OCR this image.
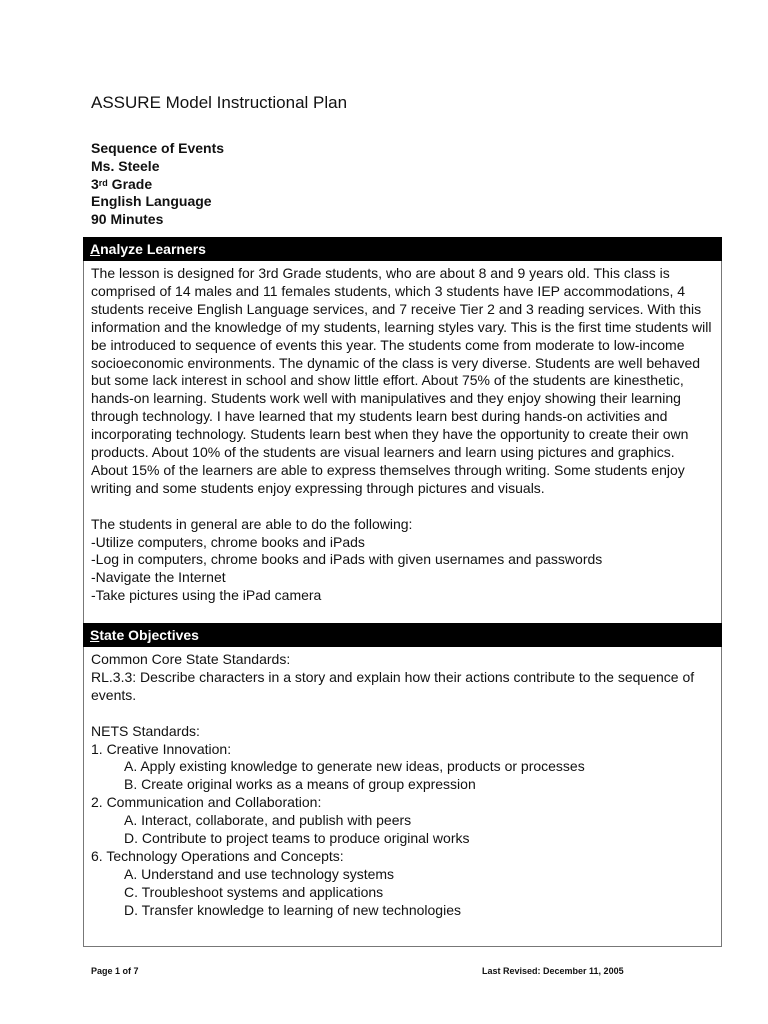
ASSURE Model Instructional Plan
Sequence of Events
Ms. Steele
3rd Grade
English Language
90 Minutes
Analyze Learners

The lesson is designed for 3rd Grade students, who are about 8 and 9 years old. This class is comprised of 14 males and 11 females students, which 3 students have IEP accommodations, 4 students receive English Language services, and 7 receive Tier 2 and 3 reading services. With this information and the knowledge of my students, learning styles vary. This is the first time students will be introduced to sequence of events this year. The students come from moderate to low-income socioeconomic environments. The dynamic of the class is very diverse. Students are well behaved but some lack interest in school and show little effort. About 75% of the students are kinesthetic, hands-on learning. Students work well with manipulatives and they enjoy showing their learning through technology. I have learned that my students learn best during hands-on activities and incorporating technology. Students learn best when they have the opportunity to create their own products. About 10% of the students are visual learners and learn using pictures and graphics. About 15% of the learners are able to express themselves through writing. Some students enjoy writing and some students enjoy expressing through pictures and visuals.

The students in general are able to do the following:

-Utilize computers, chrome books and iPads

-Log in computers, chrome books and iPads with given usernames and passwords

-Navigate the Internet

-Take pictures using the iPad camera

State Objectives

Common Core State Standards:

RL.3.3: Describe characters in a story and explain how their actions contribute to the sequence of events.

NETS Standards:

1. Creative Innovation:

A. Apply existing knowledge to generate new ideas, products or processes

B. Create original works as a means of group expression

2. Communication and Collaboration:

A. Interact, collaborate, and publish with peers

D. Contribute to project teams to produce original works

6. Technology Operations and Concepts:

A. Understand and use technology systems

C. Troubleshoot systems and applications

D. Transfer knowledge to learning of new technologies

Page 1 of 7	Last Revised: December 11, 2005
